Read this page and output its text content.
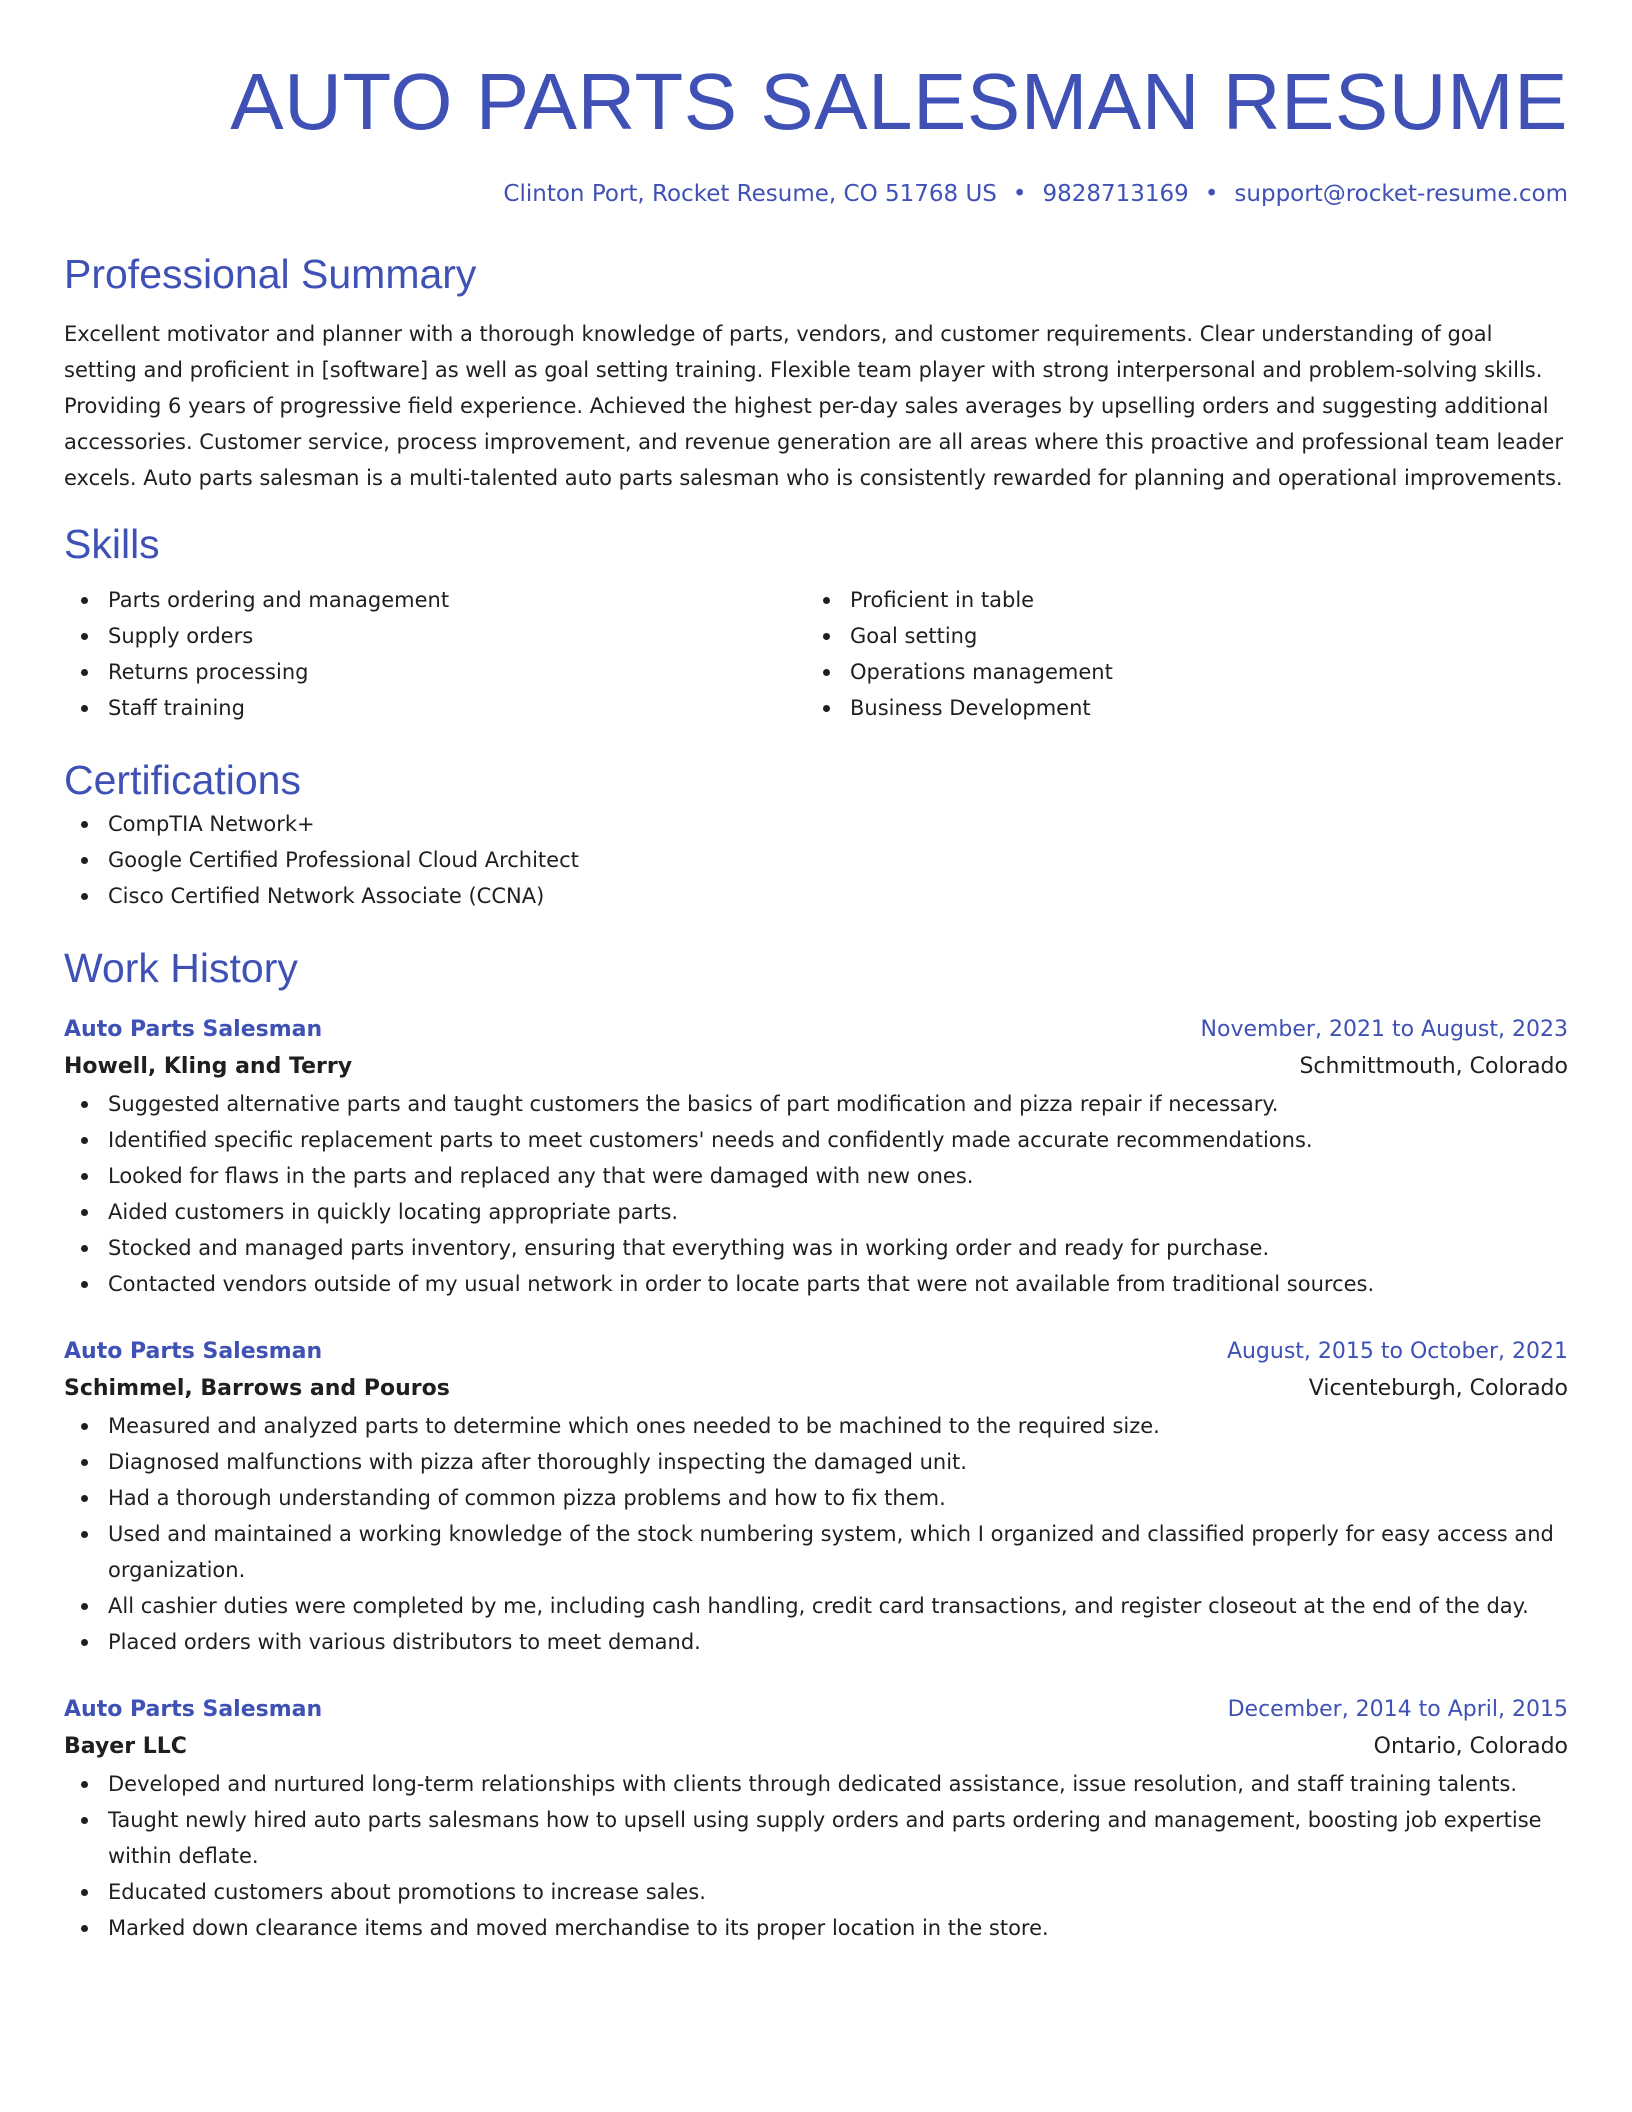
AUTO PARTS SALESMAN RESUME
Clinton Port, Rocket Resume, CO 51768 US • 9828713169 • support@rocket-resume.com
Professional Summary
Excellent motivator and planner with a thorough knowledge of parts, vendors, and customer requirements. Clear understanding of goal setting and proficient in [software] as well as goal setting training. Flexible team player with strong interpersonal and problem-solving skills. Providing 6 years of progressive field experience. Achieved the highest per-day sales averages by upselling orders and suggesting additional accessories. Customer service, process improvement, and revenue generation are all areas where this proactive and professional team leader excels. Auto parts salesman is a multi-talented auto parts salesman who is consistently rewarded for planning and operational improvements.
Skills
Parts ordering and management
Supply orders
Returns processing
Staff training
Proficient in table
Goal setting
Operations management
Business Development
Certifications
CompTIA Network+
Google Certified Professional Cloud Architect
Cisco Certified Network Associate (CCNA)
Work History
Auto Parts Salesman	November, 2021 to August, 2023
Howell, Kling and Terry	Schmittmouth, Colorado
Suggested alternative parts and taught customers the basics of part modification and pizza repair if necessary.
Identified specific replacement parts to meet customers' needs and confidently made accurate recommendations.
Looked for flaws in the parts and replaced any that were damaged with new ones.
Aided customers in quickly locating appropriate parts.
Stocked and managed parts inventory, ensuring that everything was in working order and ready for purchase.
Contacted vendors outside of my usual network in order to locate parts that were not available from traditional sources.
Auto Parts Salesman	August, 2015 to October, 2021
Schimmel, Barrows and Pouros	Vicenteburgh, Colorado
Measured and analyzed parts to determine which ones needed to be machined to the required size.
Diagnosed malfunctions with pizza after thoroughly inspecting the damaged unit.
Had a thorough understanding of common pizza problems and how to fix them.
Used and maintained a working knowledge of the stock numbering system, which I organized and classified properly for easy access and organization.
All cashier duties were completed by me, including cash handling, credit card transactions, and register closeout at the end of the day.
Placed orders with various distributors to meet demand.
Auto Parts Salesman	December, 2014 to April, 2015
Bayer LLC	Ontario, Colorado
Developed and nurtured long-term relationships with clients through dedicated assistance, issue resolution, and staff training talents.
Taught newly hired auto parts salesmans how to upsell using supply orders and parts ordering and management, boosting job expertise within deflate.
Educated customers about promotions to increase sales.
Marked down clearance items and moved merchandise to its proper location in the store.
